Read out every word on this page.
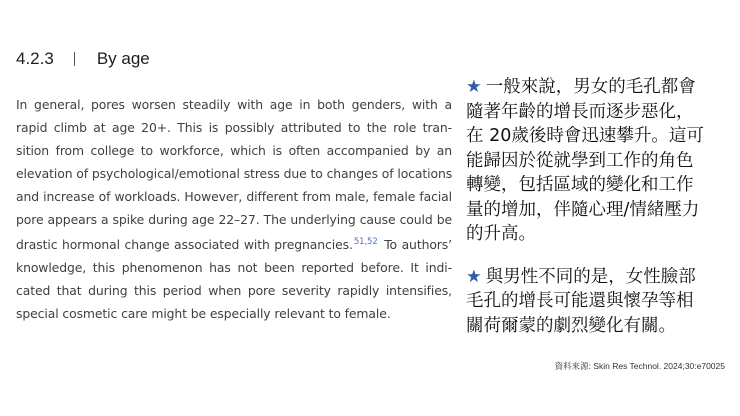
4.2.3	By age
In general, pores worsen steadily with age in both genders, with a
rapid climb at age 20+. This is possibly attributed to the role tran-
sition from college to workforce, which is often accompanied by an
elevation of psychological/emotional stress due to changes of locations
and increase of workloads. However, different from male, female facial
pore appears a spike during age 22–27. The underlying cause could be
drastic hormonal change associated with pregnancies.$^{51,52}$ To authors’
knowledge, this phenomenon has not been reported before. It indi-
cated that during this period when pore severity rapidly intensifies,
special cosmetic care might be especially relevant to female.
★ 一般來說，男女的毛孔都會
隨著年齡的增長而逐步惡化，
在 20歲後時會迅速攀升。這可
能歸因於從就學到工作的角色
轉變，包括區域的變化和工作
量的增加，伴隨心理/情緒壓力
的升高。
★ 與男性不同的是，女性臉部
毛孔的增長可能還與懷孕等相
關荷爾蒙的劇烈變化有關。
資料來源: Skin Res Technol. 2024;30:e70025
